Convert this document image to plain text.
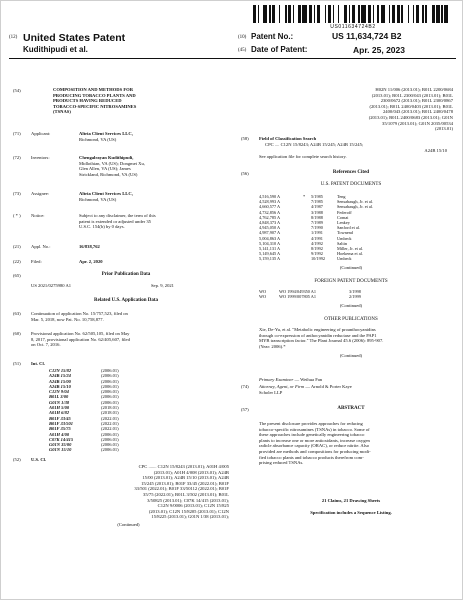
US011634724B2
(12) United States Patent
Kudithipudi et al.
(10) Patent No.:	US 11,634,724 B2
(45) Date of Patent:	Apr. 25, 2023
(54)	COMPOSITION AND METHODS FOR
PRODUCING TOBACCO PLANTS AND
PRODUCTS HAVING REDUCED
TOBACCO-SPECIFIC NITROSAMINES
(TSNAS)
(71) Applicant:	Altria Client Services LLC,
Richmond, VA (US)
(72) Inventors:	Chengalrayan Kudithipudi,
Midlothian, VA (US); Dongmei Xu,
Glen Allen, VA (US); James
Strickland, Richmond, VA (US)
(73) Assignee:	Altria Client Services LLC,
Richmond, VA (US)
( * ) Notice:	Subject to any disclaimer, the term of this
patent is extended or adjusted under 35
U.S.C. 154(b) by 0 days.
(21) Appl. No.:	16/838,762
(22) Filed:	Apr. 2, 2020
(65)	Prior Publication Data
US 2021/0275980 A1	Sep. 9, 2021
Related U.S. Application Data
(63) Continuation of application No. 15/757,523, filed on
Mar. 5, 2018, now Pat. No. 10,758,877.
(60) Provisional application No. 62/505,105, filed on May
8, 2017, provisional application No. 62/405,607, filed
on Oct. 7, 2016.
(51) Int. Cl.
C12N 15/82	(2006.01)
A24B 15/24	(2006.01)
A24B 15/00	(2006.01)
A24B 15/10	(2006.01)
C12N 9/04	(2006.01)
B01L 3/00	(2006.01)
G01N 1/38	(2006.01)
A01H 5/00	(2018.01)
A01H 6/82	(2018.01)
B01F 33/45	(2022.01)
B01F 33/501	(2022.01)
B01F 35/75	(2022.01)
A01H 4/00	(2006.01)
C07K 14/415	(2006.01)
G01N 35/00	(2006.01)
G01N 15/10	(2006.01)
(52) U.S. Cl.
CPC ....... C12N 15/8243 (2013.01); A01H 4/005
(2013.01); A01H 4/008 (2013.01); A24B
15/00 (2013.01); A24B 15/10 (2013.01); A24B
15/245 (2013.01); B01F 33/45 (2022.01); B01F
33/501 (2022.01); B01F 33/50112 (2022.01); B01F
35/75 (2022.01); B01L 3/502 (2013.01); B01L
3/50825 (2013.01); C07K 14/415 (2013.01);
C12N 9/0006 (2013.01); C12N 15/825
(2013.01); C12N 15/8205 (2013.01); C12N
15/8225 (2013.01); G01N 1/38 (2013.01);
(Continued)
H02N 11/006 (2013.01); B01L 2200/0684
(2013.01); B01L 2300/043 (2013.01); B01L
2300/0672 (2013.01); B01L 2300/0867
(2013.01); B01L 2400/0403 (2013.01); B01L
2400/043 (2013.01); B01L 2400/0478
(2013.01); B01L 2400/0683 (2013.01); G01N
35/1079 (2013.01); G01N 2035/00534
(2013.01)
(58) Field of Classification Search
CPC .... C12N 15/8243; A24B 15/245; A24B 15/245;
A24B 15/10
See application file for complete search history.
(56)	References Cited
U.S. PATENT DOCUMENTS
4,516,590 A	*	5/1985	Teng
4,528,993 A		7/1985	Sensabaugh, Jr. et al.
4,660,577 A		4/1987	Sensabaugh, Jr. et al.
4,732,856 A		3/1988	Federoff
4,762,785 A		8/1988	Comai
4,848,373 A		7/1989	Lenkey
4,945,050 A		7/1990	Sanford et al.
4,987,907 A		1/1991	Townend
5,004,863 A		4/1991	Umbeck
5,104,310 A		4/1992	Saltin
5,141,131 A		8/1992	Miller, Jr. et al.
5,149,645 A		9/1992	Hoekema et al.
5,159,135 A		10/1992	Umbeck
(Continued)
FOREIGN PATENT DOCUMENTS
WO	WO 1994/049350 A1	3/1998
WO	WO 1999/007805 A1	2/1999
(Continued)
OTHER PUBLICATIONS
Xie, De-Yu, et al. "Metabolic engineering of proanthocyanidins
through co-expression of anthocyanidin reductase and the PAP1
MYB transcription factor." The Plant Journal 45.6 (2006): 895-907.
(Year: 2006).*
(Continued)
Primary Examiner — Weihua Fan
(74) Attorney, Agent, or Firm — Arnold & Porter Kaye
Scholer LLP
(57)	ABSTRACT
The present disclosure provides approaches for reducing
tobacco-specific nitrosamines (TSNAs) in tobacco. Some of
these approaches include genetically engineering tobacco
plants to increase one or more antioxidants, increase oxygen
radicle absorbance capacity (ORAC), or reduce nitrite. Also
provided are methods and compositions for producing modi-
fied tobacco plants and tobacco products therefrom com-
prising reduced TSNAs.
21 Claims, 21 Drawing Sheets
Specification includes a Sequence Listing.
